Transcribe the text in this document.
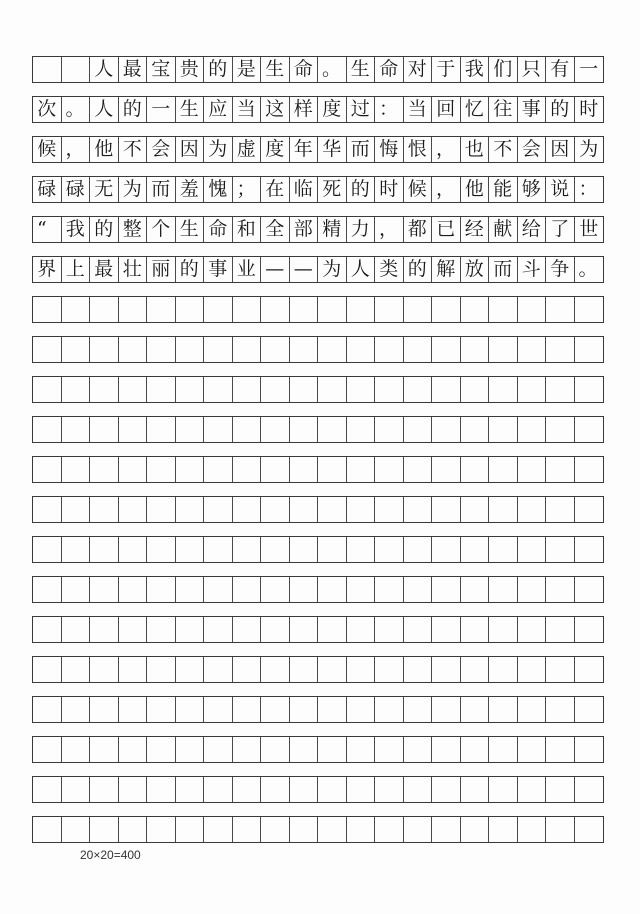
人 最 宝 贵 的 是 生 命 。 生 命 对 于 我 们 只 有 一
次 。 人 的 一 生 应 当 这 样 度 过 ： 当 回 忆 往 事 的 时
候 ， 他 不 会 因 为 虚 度 年 华 而 悔 恨 ， 也 不 会 因 为
碌 碌 无 为 而 羞 愧 ； 在 临 死 的 时 候 ， 他 能 够 说 ：
“	我 的 整 个 生 命 和 全 部 精 力 ， 都 已 经 献 给 了 世
界 上 最 壮 丽 的 事 业 — — 为 人 类 的 解 放 而 斗 争 。
20×20=400
